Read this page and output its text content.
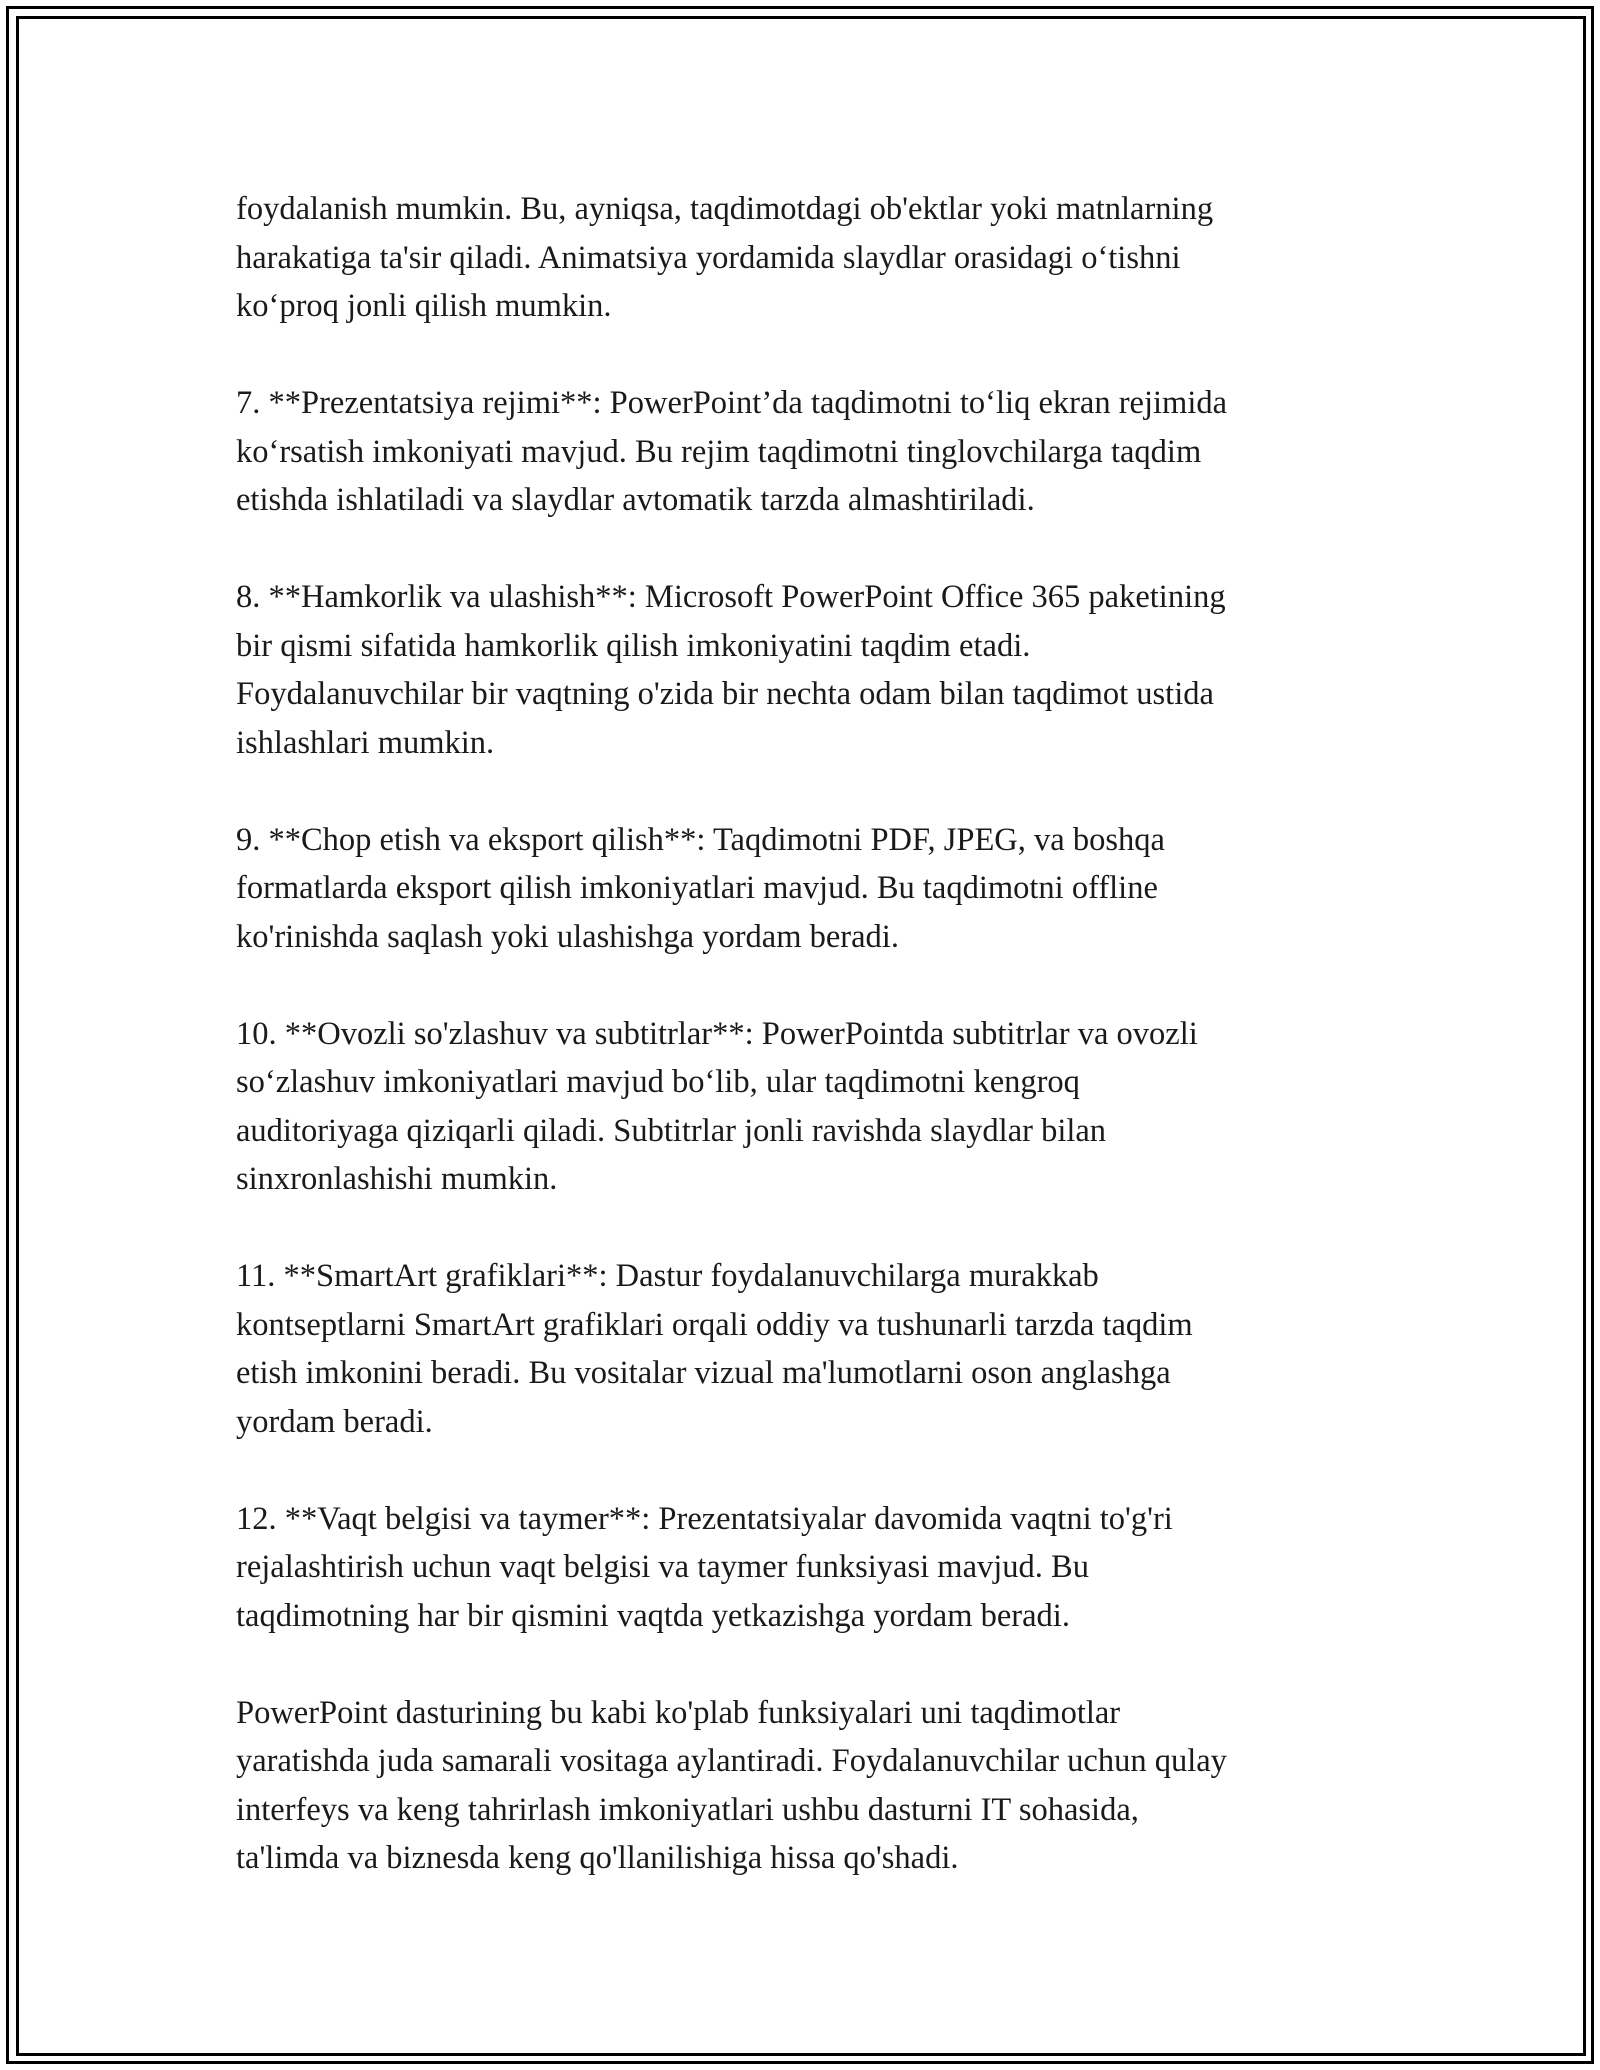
foydalanish mumkin. Bu, ayniqsa, taqdimotdagi ob'ektlar yoki matnlarning
harakatiga ta'sir qiladi. Animatsiya yordamida slaydlar orasidagi o‘tishni
ko‘proq jonli qilish mumkin.

7. **Prezentatsiya rejimi**: PowerPoint’da taqdimotni to‘liq ekran rejimida
ko‘rsatish imkoniyati mavjud. Bu rejim taqdimotni tinglovchilarga taqdim
etishda ishlatiladi va slaydlar avtomatik tarzda almashtiriladi.

8. **Hamkorlik va ulashish**: Microsoft PowerPoint Office 365 paketining
bir qismi sifatida hamkorlik qilish imkoniyatini taqdim etadi.
Foydalanuvchilar bir vaqtning o'zida bir nechta odam bilan taqdimot ustida
ishlashlari mumkin.

9. **Chop etish va eksport qilish**: Taqdimotni PDF, JPEG, va boshqa
formatlarda eksport qilish imkoniyatlari mavjud. Bu taqdimotni offline
ko'rinishda saqlash yoki ulashishga yordam beradi.

10. **Ovozli so'zlashuv va subtitrlar**: PowerPointda subtitrlar va ovozli
so‘zlashuv imkoniyatlari mavjud bo‘lib, ular taqdimotni kengroq
auditoriyaga qiziqarli qiladi. Subtitrlar jonli ravishda slaydlar bilan
sinxronlashishi mumkin.

11. **SmartArt grafiklari**: Dastur foydalanuvchilarga murakkab
kontseptlarni SmartArt grafiklari orqali oddiy va tushunarli tarzda taqdim
etish imkonini beradi. Bu vositalar vizual ma'lumotlarni oson anglashga
yordam beradi.

12. **Vaqt belgisi va taymer**: Prezentatsiyalar davomida vaqtni to'g'ri
rejalashtirish uchun vaqt belgisi va taymer funksiyasi mavjud. Bu
taqdimotning har bir qismini vaqtda yetkazishga yordam beradi.

PowerPoint dasturining bu kabi ko'plab funksiyalari uni taqdimotlar
yaratishda juda samarali vositaga aylantiradi. Foydalanuvchilar uchun qulay
interfeys va keng tahrirlash imkoniyatlari ushbu dasturni IT sohasida,
ta'limda va biznesda keng qo'llanilishiga hissa qo'shadi.
